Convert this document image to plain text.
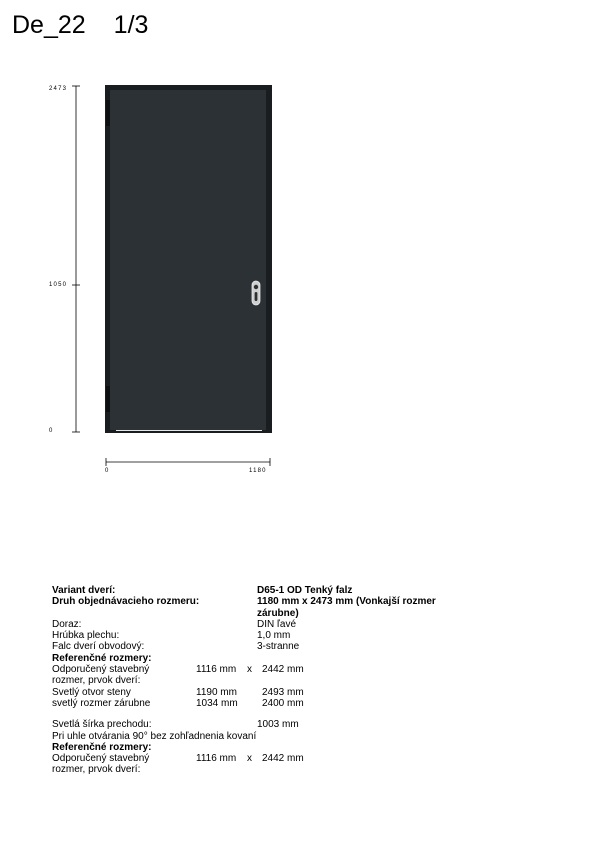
De_22 1/3
2473
1050
0
0	1180
Variant dverí:	D65-1 OD Tenký falz
Druh objednávacieho rozmeru:	1180 mm x 2473 mm (Vonkajší rozmer zárubne)
Doraz:	DIN ľavé
Hrúbka plechu:	1,0 mm
Falc dverí obvodový:	3-stranne
Referenčné rozmery:
Odporučený stavebný	1116 mm x 2442 mm
rozmer, prvok dverí:
Svetlý otvor steny	1190 mm	2493 mm
svetlý rozmer zárubne	1034 mm 2400 mm
Svetlá šírka prechodu:	1003 mm
Pri uhle otvárania 90° bez zohľadnenia kovaní
Referenčné rozmery:
Odporučený stavebný	1116 mm x 2442 mm
rozmer, prvok dverí:
